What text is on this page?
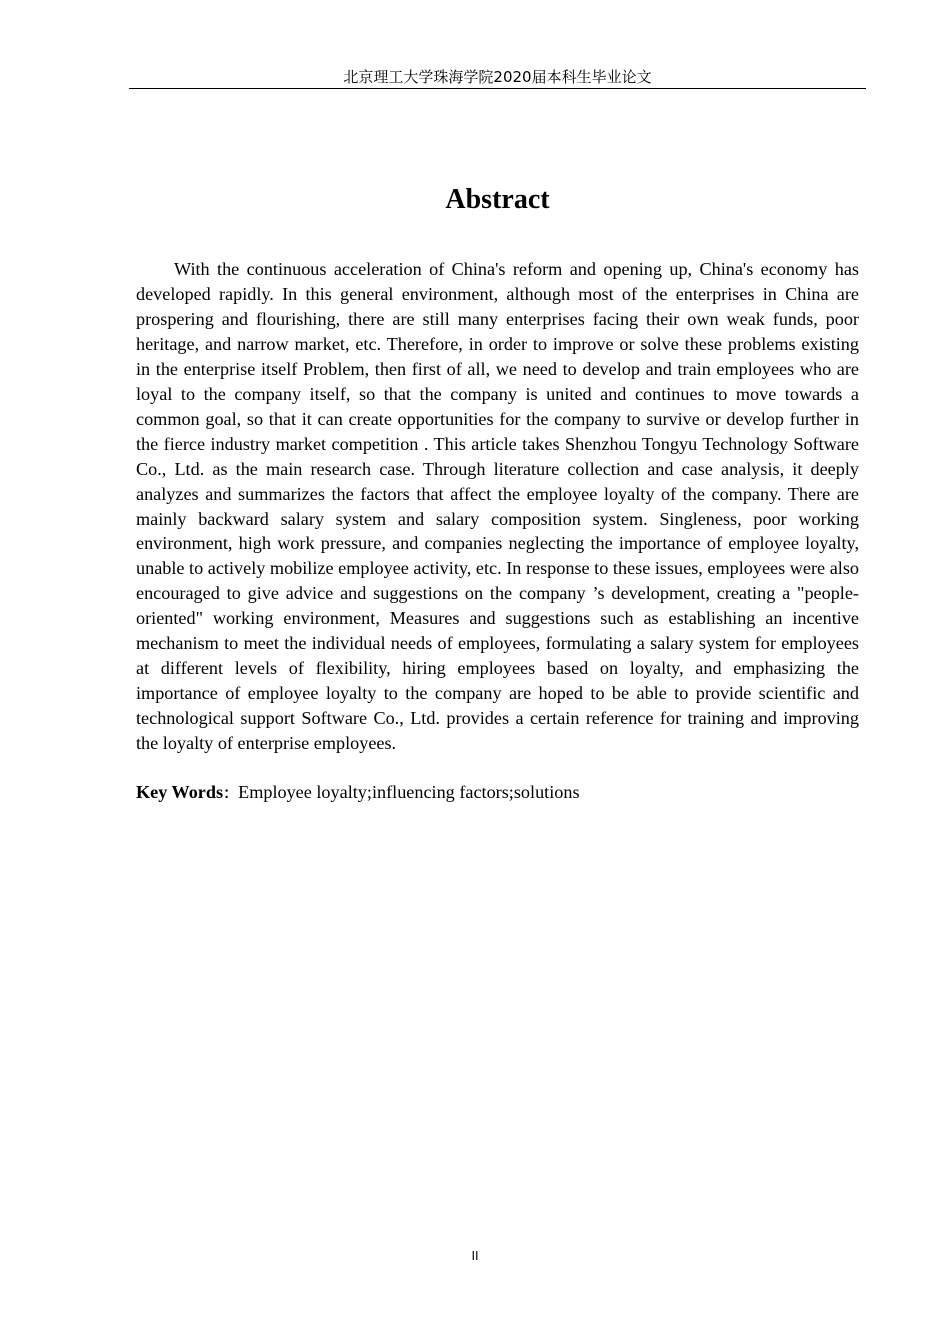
北京理工大学珠海学院2020届本科生毕业论文
Abstract

With the continuous acceleration of China's reform and opening up, China's economy has developed rapidly. In this general environment, although most of the enterprises in China are prospering and flourishing, there are still many enterprises facing their own weak funds, poor heritage, and narrow market, etc. Therefore, in order to improve or solve these problems existing in the enterprise itself Problem, then first of all, we need to develop and train employees who are loyal to the company itself, so that the company is united and continues to move towards a common goal, so that it can create opportunities for the company to survive or develop further in the fierce industry market competition . This article takes Shenzhou Tongyu Technology Software Co., Ltd. as the main research case. Through literature collection and case analysis, it deeply analyzes and summarizes the factors that affect the employee loyalty of the company. There are mainly backward salary system and salary composition system. Singleness, poor working environment, high work pressure, and companies neglecting the importance of employee loyalty, unable to actively mobilize employee activity, etc. In response to these issues, employees were also encouraged to give advice and suggestions on the company ’s development, creating a "people-oriented" working environment, Measures and suggestions such as establishing an incentive mechanism to meet the individual needs of employees, formulating a salary system for employees at different levels of flexibility, hiring employees based on loyalty, and emphasizing the importance of employee loyalty to the company are hoped to be able to provide scientific and technological support Software Co., Ltd. provides a certain reference for training and improving the loyalty of enterprise employees.

Key Words：Employee loyalty;influencing factors;solutions

II
